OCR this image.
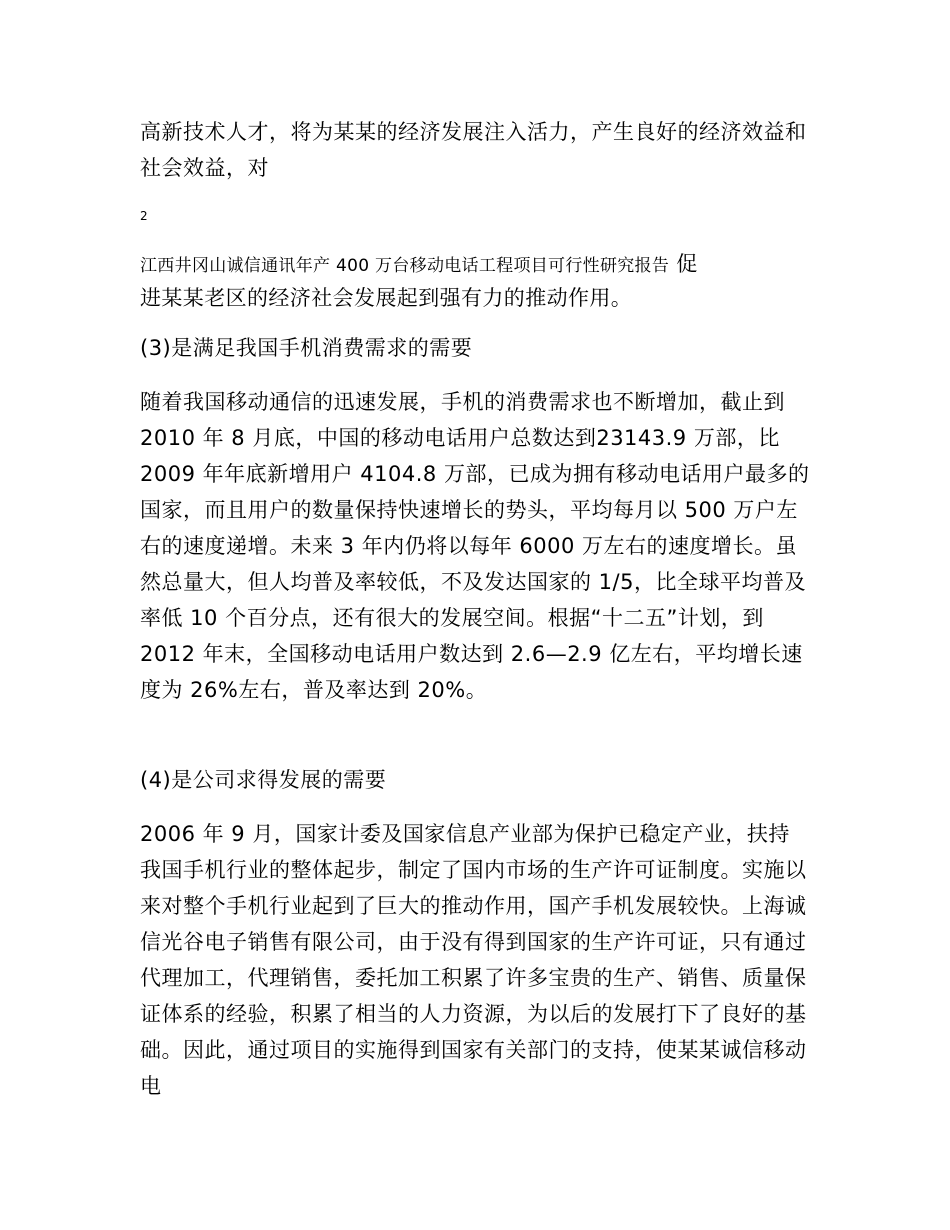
高新技术人才，将为某某的经济发展注入活力，产生良好的经济效益和社会效益，对

2

江西井冈山诚信通讯年产 400 万台移动电话工程项目可行性研究报告 促
进某某老区的经济社会发展起到强有力的推动作用。

(3)是满足我国手机消费需求的需要

随着我国移动通信的迅速发展，手机的消费需求也不断增加，截止到 2010 年 8 月底，中国的移动电话用户总数达到23143.9 万部，比 2009 年年底新增用户 4104.8 万部，已成为拥有移动电话用户最多的国家，而且用户的数量保持快速增长的势头，平均每月以 500 万户左右的速度递增。未来 3 年内仍将以每年 6000 万左右的速度增长。虽然总量大，但人均普及率较低，不及发达国家的 1/5，比全球平均普及率低 10 个百分点，还有很大的发展空间。根据“十二五”计划，到2012 年末，全国移动电话用户数达到 2.6—2.9 亿左右，平均增长速度为 26%左右，普及率达到 20%。

(4)是公司求得发展的需要

2006 年 9 月，国家计委及国家信息产业部为保护已稳定产业，扶持我国手机行业的整体起步，制定了国内市场的生产许可证制度。实施以来对整个手机行业起到了巨大的推动作用，国产手机发展较快。上海诚信光谷电子销售有限公司，由于没有得到国家的生产许可证，只有通过代理加工，代理销售，委托加工积累了许多宝贵的生产、销售、质量保证体系的经验，积累了相当的人力资源，为以后的发展打下了良好的基础。因此，通过项目的实施得到国家有关部门的支持，使某某诚信移动电
